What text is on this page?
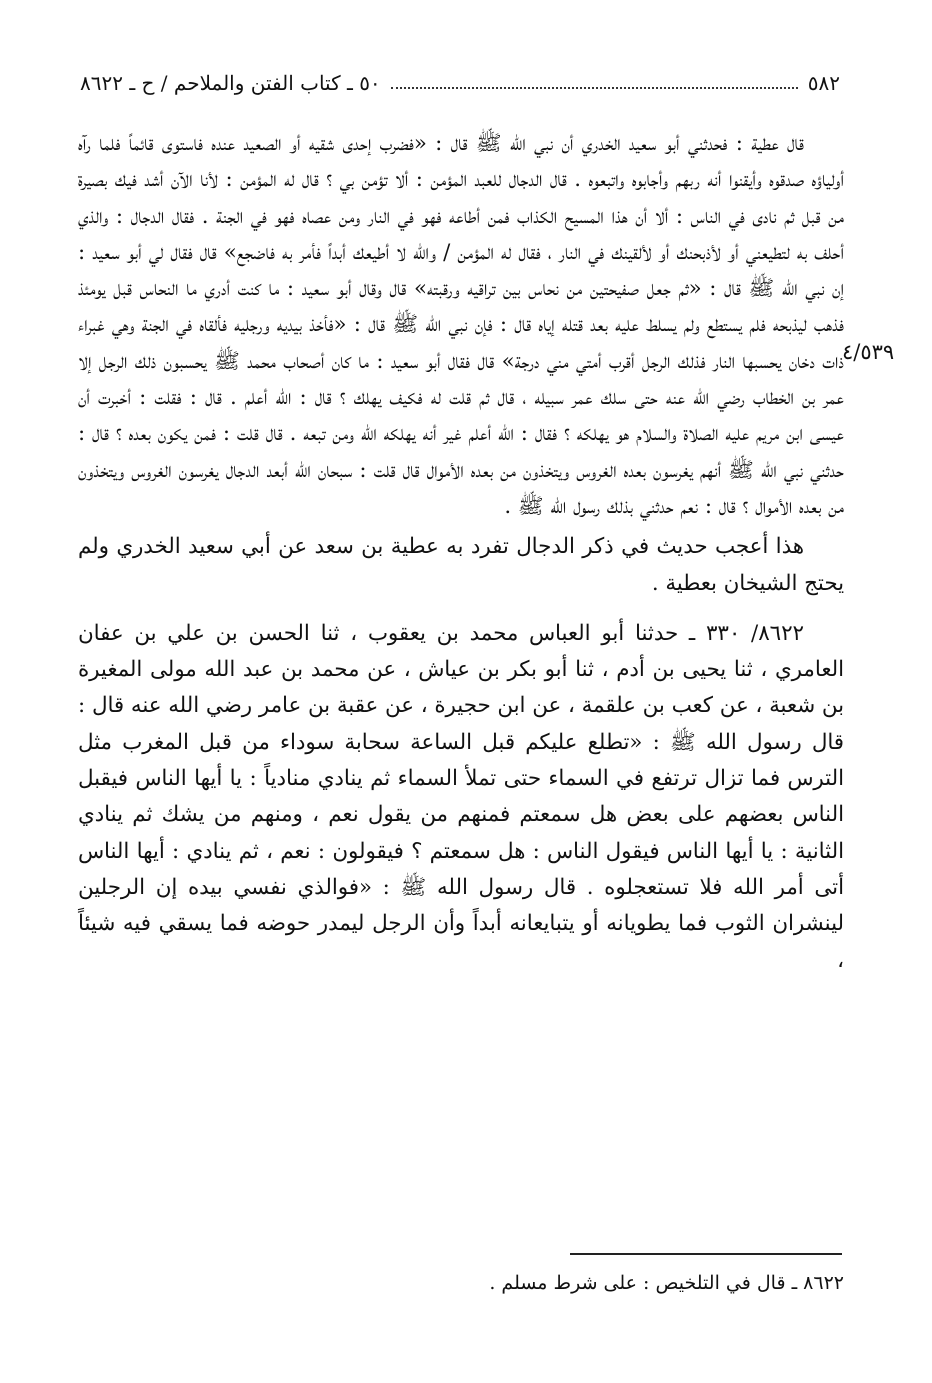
٥٨٢
٥٠ ـ كتاب الفتن والملاحم / ح ـ ٨٦٢٢
٤/٥٣٩

قال عطية : فحدثني أبو سعيد الخدري أن نبي الله ﷺ قال : «فضرب إحدى شقيه أو الصعيد عنده فاستوى قائماً فلما رآه أولياؤه صدقوه وأيقنوا أنه ربهم وأجابوه واتبعوه . قال الدجال للعبد المؤمن : ألا تؤمن بي ؟ قال له المؤمن : لأنا الآن أشد فيك بصيرة من قبل ثم نادى في الناس : ألا أن هذا المسيح الكذاب فمن أطاعه فهو في النار ومن عصاه فهو في الجنة . فقال الدجال : والذي أحلف به لتطيعني أو لأذبحنك أو لألقينك في النار ، فقال له المؤمن / والله لا أطيعك أبداً فأمر به فاضجع» قال فقال لي أبو سعيد : إن نبي الله ﷺ قال : «ثم جعل صفيحتين من نحاس بين تراقيه ورقبته» قال وقال أبو سعيد : ما كنت أدري ما النحاس قبل يومئذ فذهب ليذبحه فلم يستطع ولم يسلط عليه بعد قتله إياه قال : فإن نبي الله ﷺ قال : «فأخذ بيديه ورجليه فألقاه في الجنة وهي غبراء ذات دخان يحسبها النار فذلك الرجل أقرب أمتي مني درجة» قال فقال أبو سعيد : ما كان أصحاب محمد ﷺ يحسبون ذلك الرجل إلا عمر بن الخطاب رضي الله عنه حتى سلك عمر سبيله ، قال ثم قلت له فكيف يهلك ؟ قال : الله أعلم . قال : فقلت : أخبرت أن عيسى ابن مريم عليه الصلاة والسلام هو يهلكه ؟ فقال : الله أعلم غير أنه يهلكه الله ومن تبعه . قال قلت : فمن يكون بعده ؟ قال : حدثني نبي الله ﷺ أنهم يغرسون بعده الغروس ويتخذون من بعده الأموال قال قلت : سبحان الله أبعد الدجال يغرسون الغروس ويتخذون من بعده الأموال ؟ قال : نعم حدثني بذلك رسول الله ﷺ .

هذا أعجب حديث في ذكر الدجال تفرد به عطية بن سعد عن أبي سعيد الخدري ولم يحتج الشيخان بعطية .

٨٦٢٢/ ٣٣٠ ـ حدثنا أبو العباس محمد بن يعقوب ، ثنا الحسن بن علي بن عفان العامري ، ثنا يحيى بن أدم ، ثنا أبو بكر بن عياش ، عن محمد بن عبد الله مولى المغيرة بن شعبة ، عن كعب بن علقمة ، عن ابن حجيرة ، عن عقبة بن عامر رضي الله عنه قال : قال رسول الله ﷺ : «تطلع عليكم قبل الساعة سحابة سوداء من قبل المغرب مثل الترس فما تزال ترتفع في السماء حتى تملأ السماء ثم ينادي منادياً : يا أيها الناس فيقبل الناس بعضهم على بعض هل سمعتم فمنهم من يقول نعم ، ومنهم من يشك ثم ينادي الثانية : يا أيها الناس فيقول الناس : هل سمعتم ؟ فيقولون : نعم ، ثم ينادي : أيها الناس أتى أمر الله فلا تستعجلوه . قال رسول الله ﷺ : «فوالذي نفسي بيده إن الرجلين لينشران الثوب فما يطويانه أو يتبايعانه أبداً وأن الرجل ليمدر حوضه فما يسقي فيه شيئاً ،

٨٦٢٢ ـ قال في التلخيص : على شرط مسلم .
